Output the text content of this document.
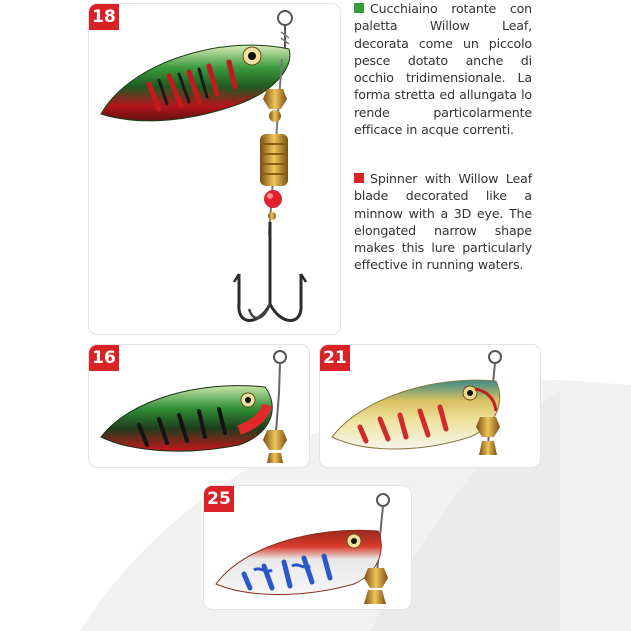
18
16	21
25

Cucchiaino rotante con paletta Willow Leaf, decorata come un piccolo pesce dotato anche di occhio tridimensionale. La forma stretta ed allungata lo rende particolarmente efficace in acque correnti.

Spinner with Willow Leaf blade decorated like a minnow with a 3D eye. The elongated narrow shape makes this lure particularly effective in running waters.
